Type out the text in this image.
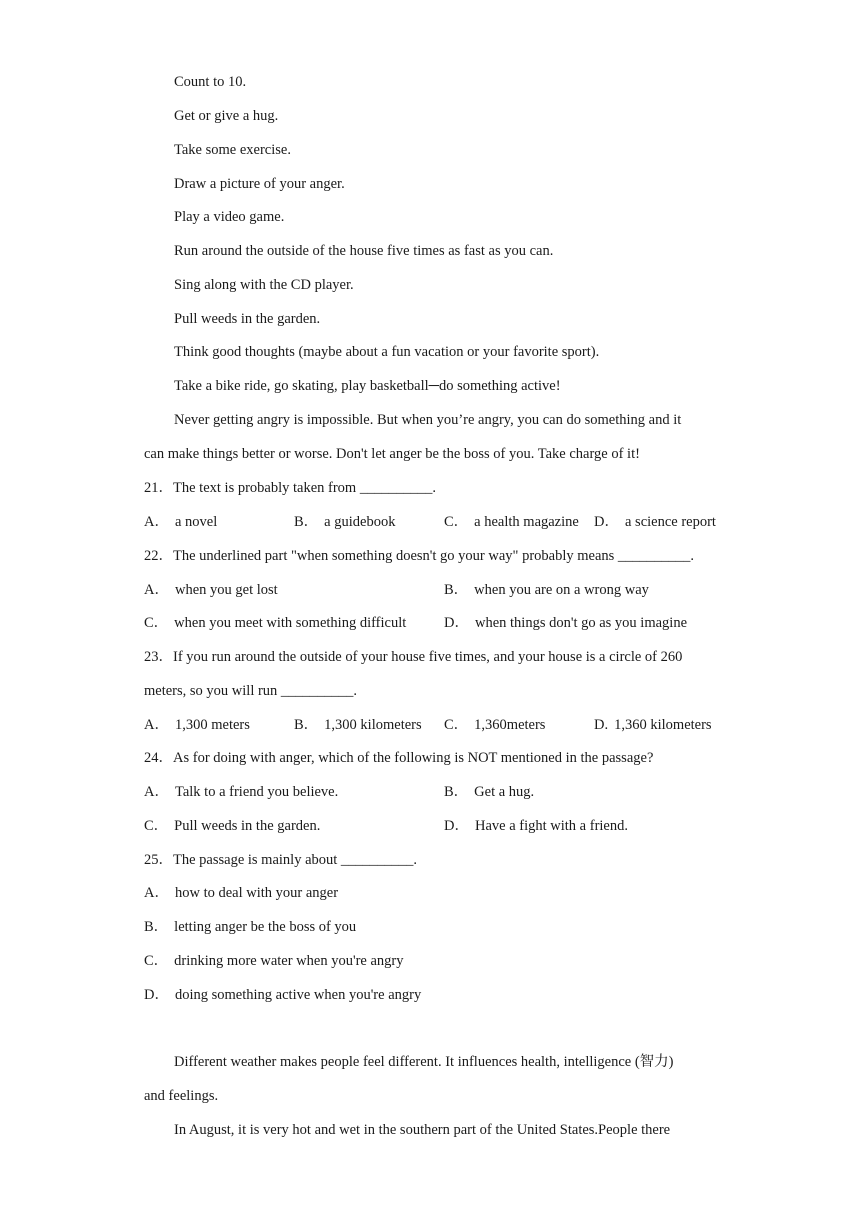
Count to 10.
Get or give a hug.
Take some exercise.
Draw a picture of your anger.
Play a video game.
Run around the outside of the house five times as fast as you can.
Sing along with the CD player.
Pull weeds in the garden.
Think good thoughts (maybe about a fun vacation or your favorite sport).
Take a bike ride, go skating, play basketball─do something active!
Never getting angry is impossible. But when you’re angry, you can do something and it
can make things better or worse. Don't let anger be the boss of you. Take charge of it!
21．The text is probably taken from __________.
A． a novel	B． a guidebook	C． a health magazine D． a science report
22．The underlined part "when something doesn't go your way" probably means __________.
A． when you get lost	B． when you are on a wrong way
C． when you meet with something difficult	D． when things don't go as you imagine
23．If you run around the outside of your house five times, and your house is a circle of 260
meters, so you will run __________.
A． 1,300 meters	B． 1,300 kilometers C． 1,360meters	D. 1,360 kilometers
24．As for doing with anger, which of the following is NOT mentioned in the passage?
A． Talk to a friend you believe.	B． Get a hug.
C． Pull weeds in the garden.	D． Have a fight with a friend.
25．The passage is mainly about __________.
A． how to deal with your anger
B． letting anger be the boss of you
C． drinking more water when you're angry
D． doing something active when you're angry
Different weather makes people feel different. It influences health, intelligence (智力)
and feelings.
In August, it is very hot and wet in the southern part of the United States.People there
